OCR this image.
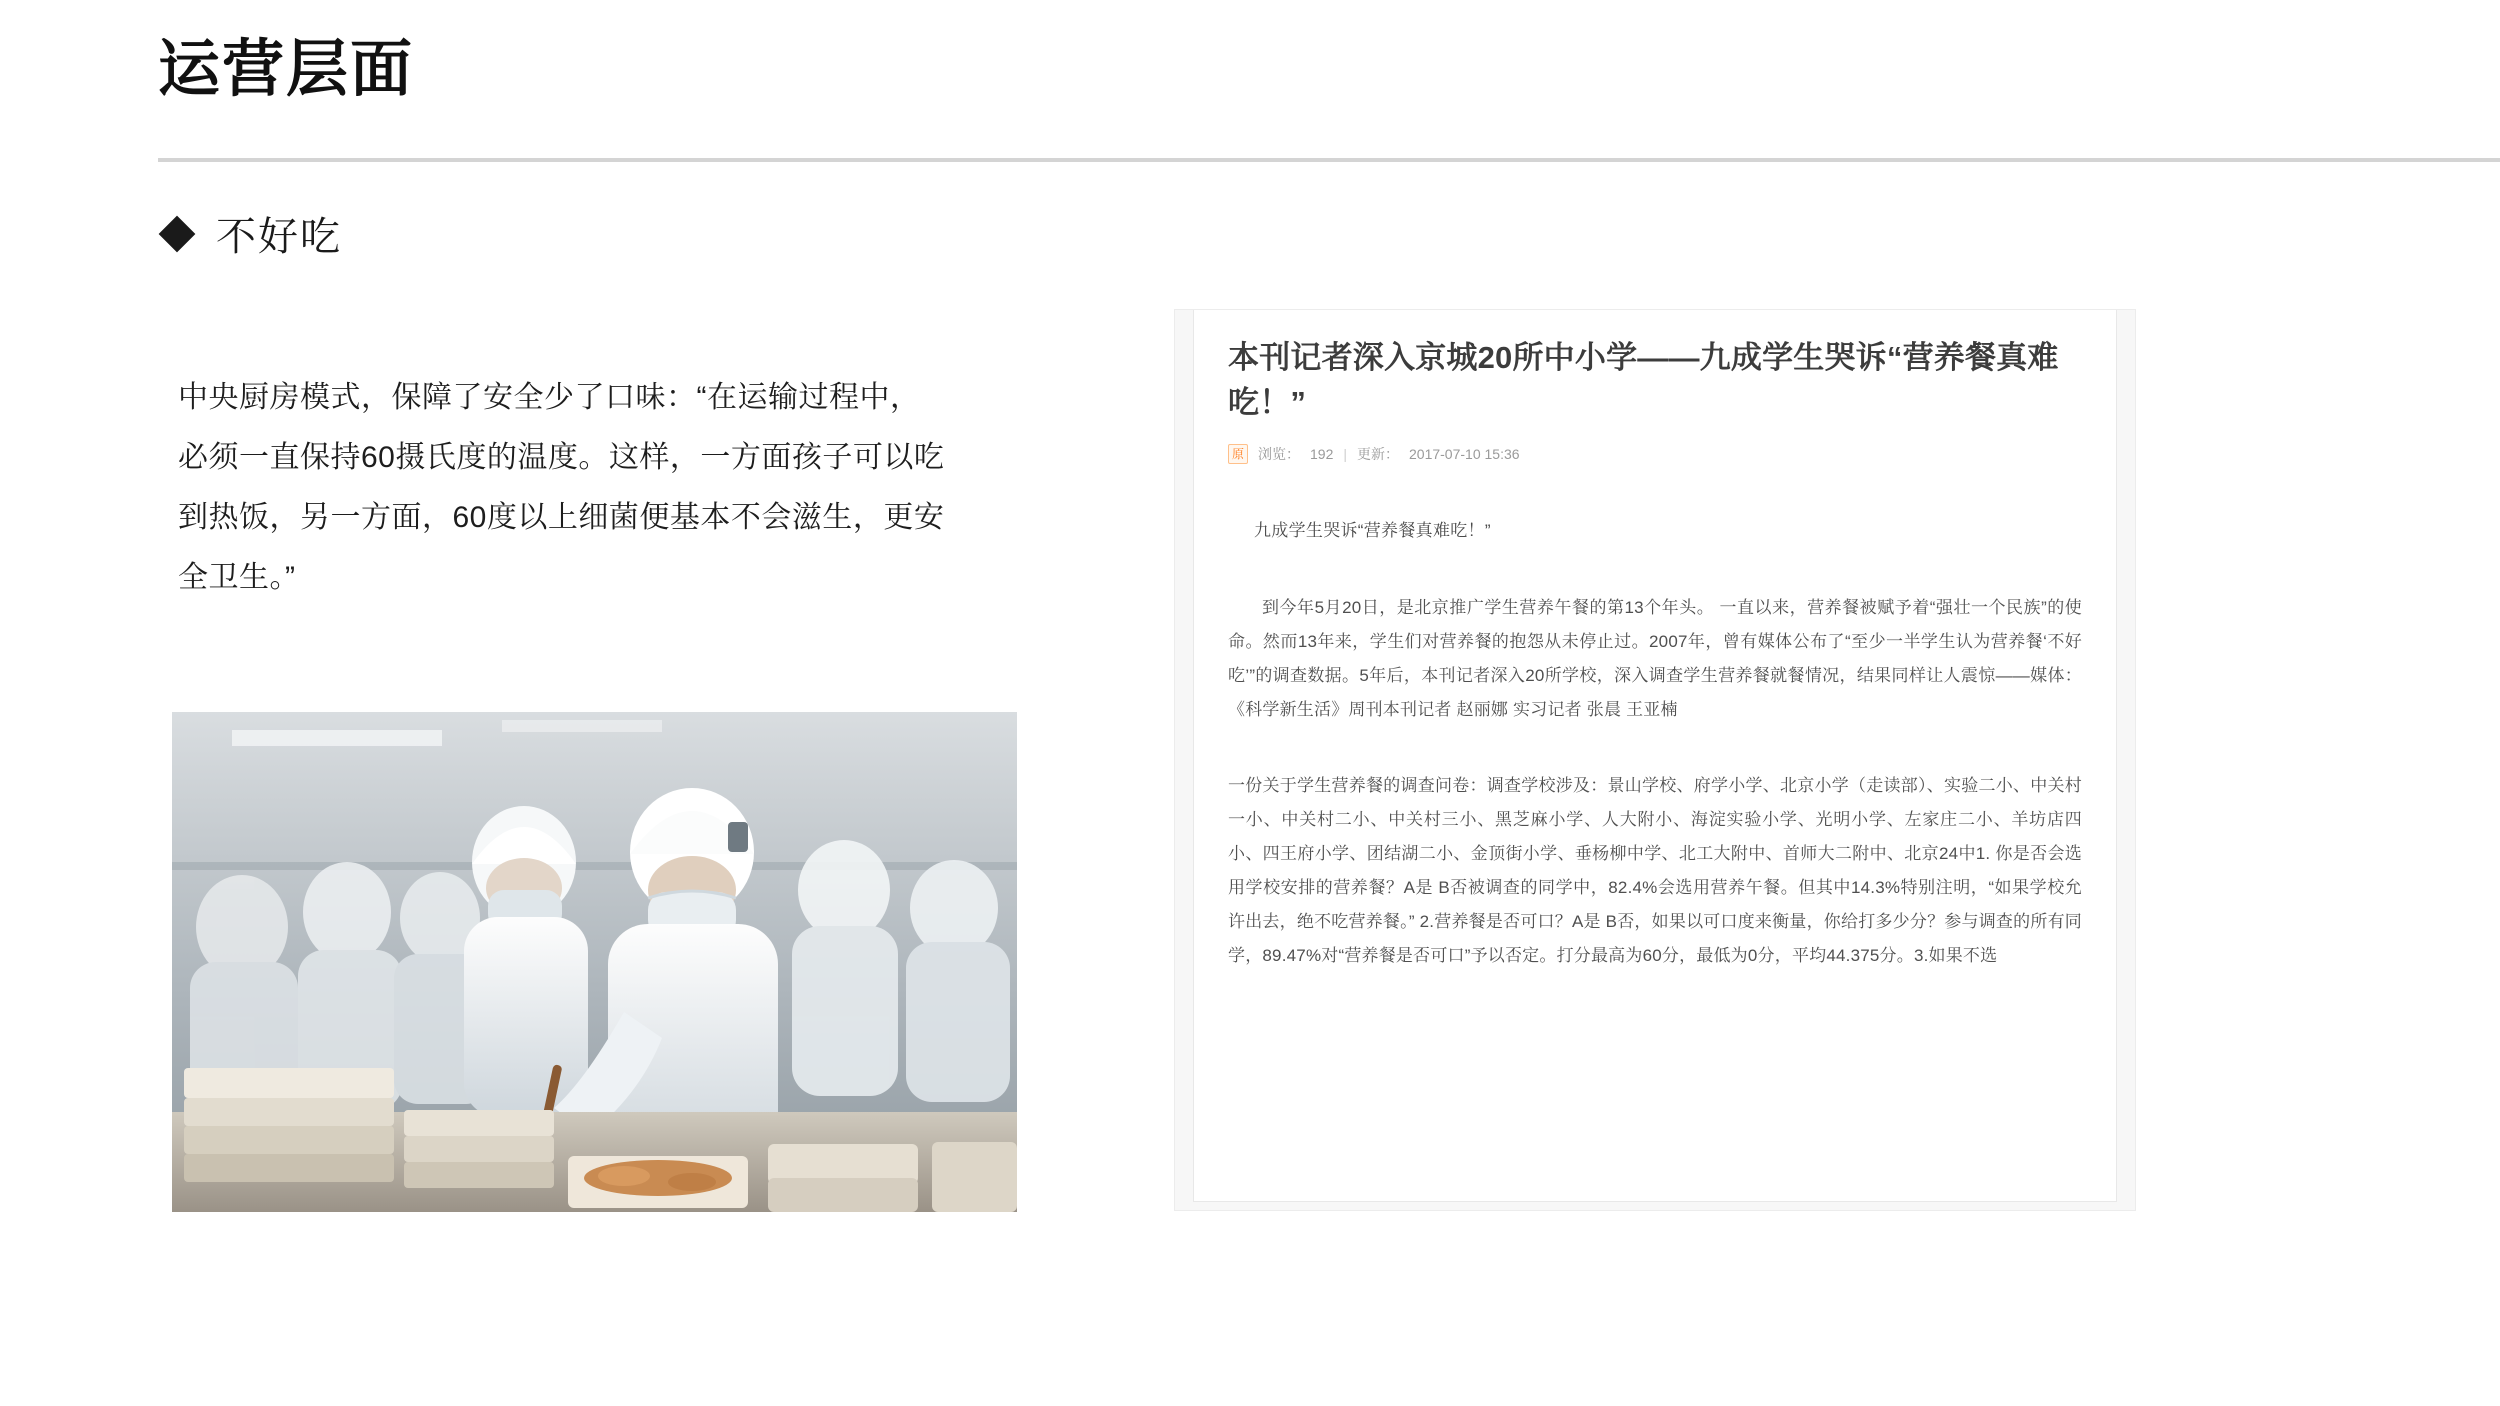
运营层面
不好吃
中央厨房模式，保障了安全少了口味：“在运输过程中，必须一直保持60摄氏度的温度。这样，一方面孩子可以吃到热饭，另一方面，60度以上细菌便基本不会滋生，更安全卫生。”
本刊记者深入京城20所中小学——九成学生哭诉“营养餐真难吃！”
原 浏览： 192 | 更新： 2017-07-10 15:36
九成学生哭诉“营养餐真难吃！”

到今年5月20日，是北京推广学生营养午餐的第13个年头。 一直以来，营养餐被赋予着“强壮一个民族”的使命。然而13年来，学生们对营养餐的抱怨从未停止过。2007年，曾有媒体公布了“至少一半学生认为营养餐‘不好吃’”的调查数据。5年后，本刊记者深入20所学校，深入调查学生营养餐就餐情况，结果同样让人震惊——媒体：《科学新生活》周刊本刊记者 赵丽娜 实习记者 张晨 王亚楠

一份关于学生营养餐的调查问卷：调查学校涉及：景山学校、府学小学、北京小学（走读部）、实验二小、中关村一小、中关村二小、中关村三小、黑芝麻小学、人大附小、海淀实验小学、光明小学、左家庄二小、羊坊店四小、四王府小学、团结湖二小、金顶街小学、垂杨柳中学、北工大附中、首师大二附中、北京24中1. 你是否会选用学校安排的营养餐？A是 B否被调查的同学中，82.4%会选用营养午餐。但其中14.3%特别注明，“如果学校允许出去，绝不吃营养餐。” 2.营养餐是否可口？A是 B否，如果以可口度来衡量，你给打多少分？参与调查的所有同学，89.47%对“营养餐是否可口”予以否定。打分最高为60分，最低为0分，平均44.375分。3.如果不选
